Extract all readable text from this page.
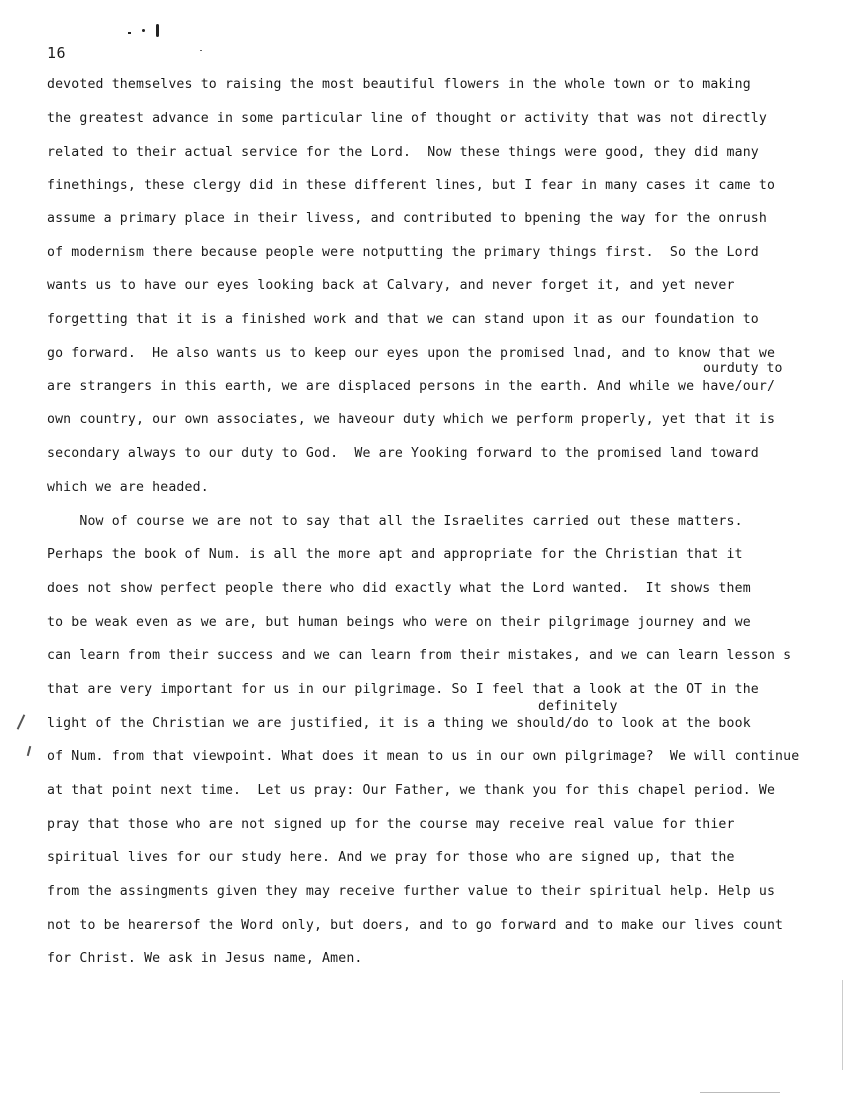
16
devoted themselves to raising the most beautiful flowers in the whole town or to making
the greatest advance in some particular line of thought or activity that was not directly
related to their actual service for the Lord.  Now these things were good, they did many
finethings, these clergy did in these different lines, but I fear in many cases it came to
assume a primary place in their livess, and contributed to bpening the way for the onrush
of modernism there because people were notputting the primary things first.  So the Lord
wants us to have our eyes looking back at Calvary, and never forget it, and yet never
forgetting that it is a finished work and that we can stand upon it as our foundation to
go forward.  He also wants us to keep our eyes upon the promised lnad, and to know that we
ourduty to
are strangers in this earth, we are displaced persons in the earth. And while we have/our/
own country, our own associates, we haveour duty which we perform properly, yet that it is
secondary always to our duty to God.  We are Yooking forward to the promised land toward
which we are headed.
Now of course we are not to say that all the Israelites carried out these matters.
Perhaps the book of Num. is all the more apt and appropriate for the Christian that it
does not show perfect people there who did exactly what the Lord wanted.  It shows them
to be weak even as we are, but human beings who were on their pilgrimage journey and we
can learn from their success and we can learn from their mistakes, and we can learn lesson s
that are very important for us in our pilgrimage. So I feel that a look at the OT in the
definitely
light of the Christian we are justified, it is a thing we should/do to look at the book
of Num. from that viewpoint. What does it mean to us in our own pilgrimage?  We will continue
at that point next time.  Let us pray: Our Father, we thank you for this chapel period. We
pray that those who are not signed up for the course may receive real value for thier
spiritual lives for our study here. And we pray for those who are signed up, that the
from the assingments given they may receive further value to their spiritual help. Help us
not to be hearersof the Word only, but doers, and to go forward and to make our lives count
for Christ. We ask in Jesus name, Amen.
